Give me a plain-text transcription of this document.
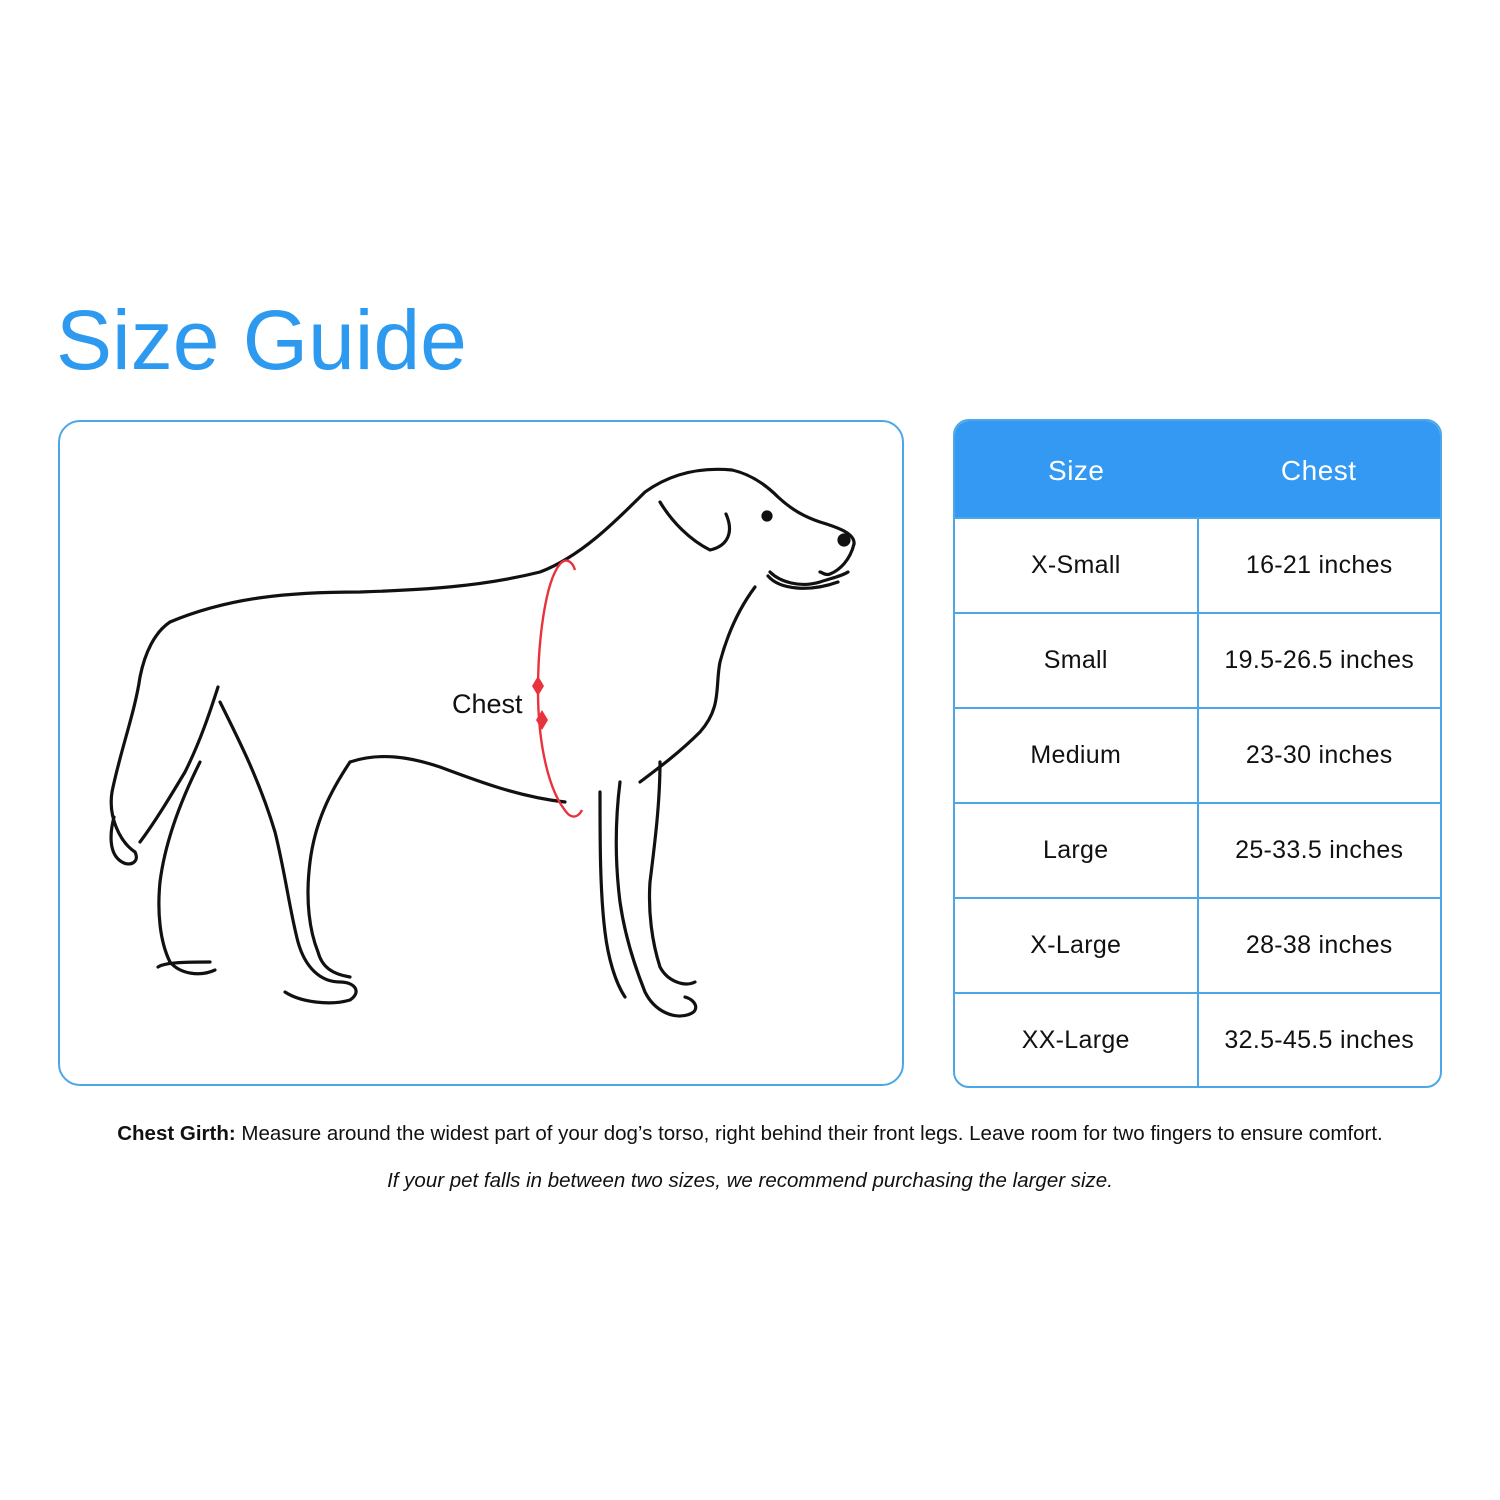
Size Guide
Chest
Size	Chest
X-Small	16-21 inches
Small	19.5-26.5 inches
Medium	23-30 inches
Large	25-33.5 inches
X-Large	28-38 inches
XX-Large	32.5-45.5 inches

Chest Girth: Measure around the widest part of your dog’s torso, right behind their front legs. Leave room for two fingers to ensure comfort.

If your pet falls in between two sizes, we recommend purchasing the larger size.
